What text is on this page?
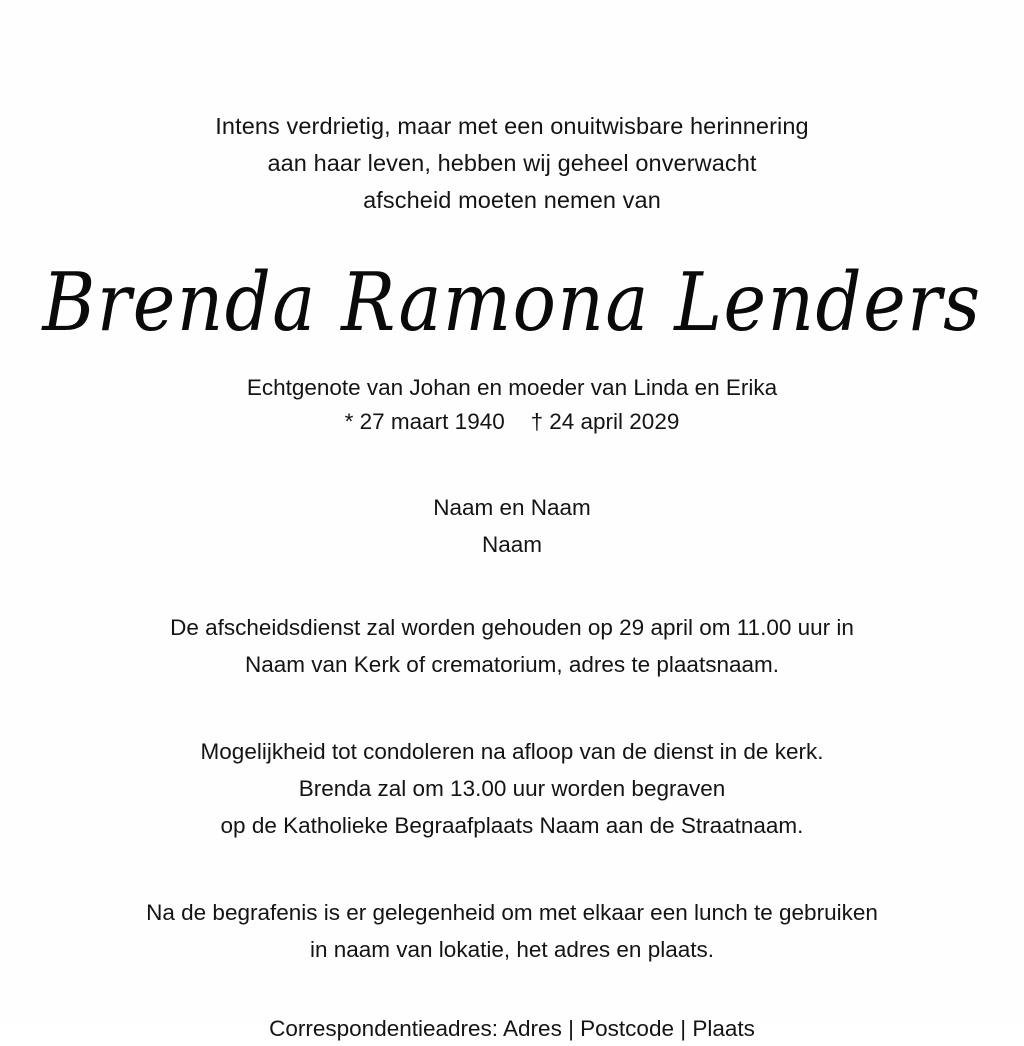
Intens verdrietig, maar met een onuitwisbare herinnering
aan haar leven, hebben wij geheel onverwacht
afscheid moeten nemen van
Brenda Ramona Lenders
Echtgenote van Johan en moeder van Linda en Erika
* 27 maart 1940 † 24 april 2029
Naam en Naam
Naam
De afscheidsdienst zal worden gehouden op 29 april om 11.00 uur in
Naam van Kerk of crematorium, adres te plaatsnaam.
Mogelijkheid tot condoleren na afloop van de dienst in de kerk.
Brenda zal om 13.00 uur worden begraven
op de Katholieke Begraafplaats Naam aan de Straatnaam.
Na de begrafenis is er gelegenheid om met elkaar een lunch te gebruiken
in naam van lokatie, het adres en plaats.
Correspondentieadres: Adres | Postcode | Plaats
